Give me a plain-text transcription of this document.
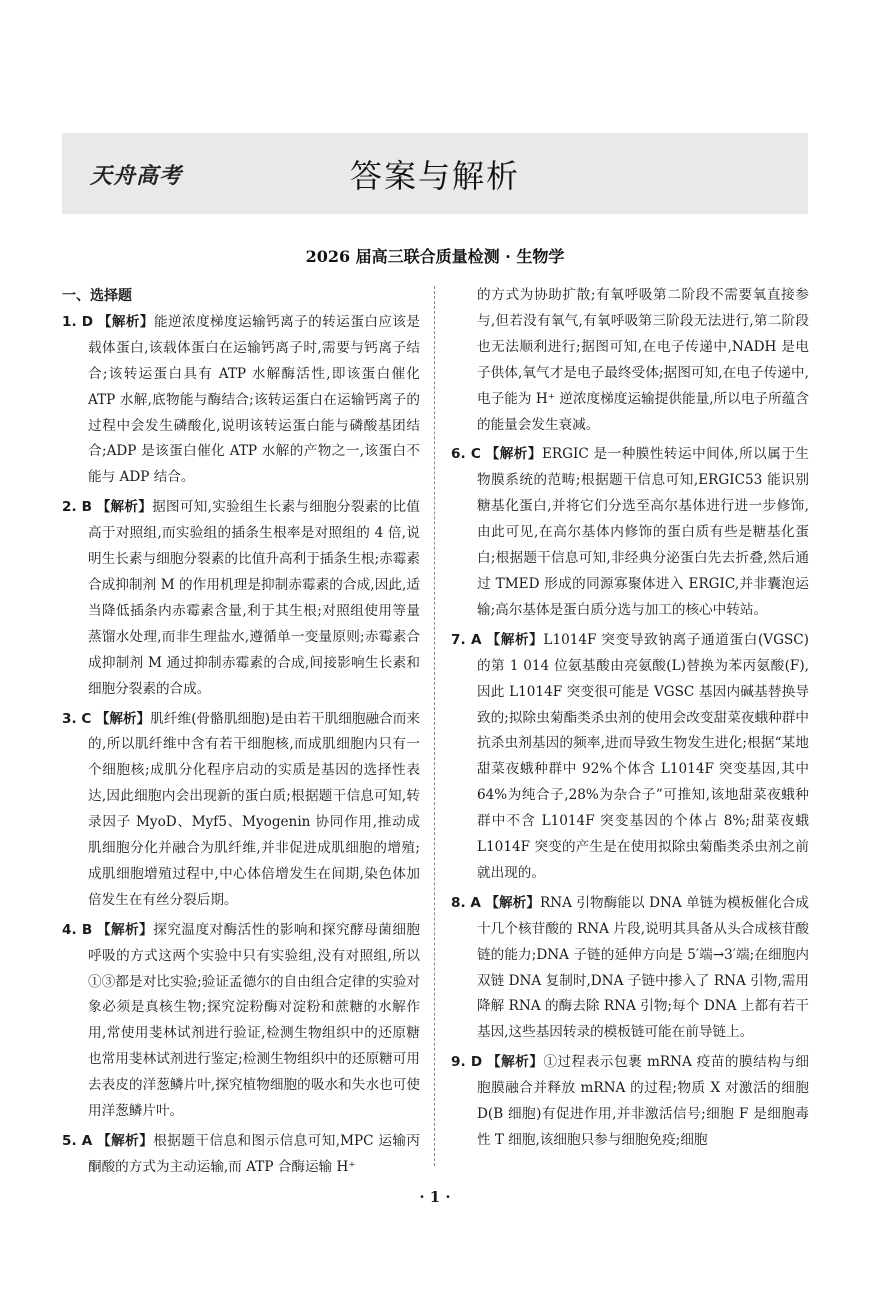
天舟高考	答案与解析
2026 届高三联合质量检测 · 生物学
一、选择题

1. D 【解析】能逆浓度梯度运输钙离子的转运蛋白应该是载体蛋白,该载体蛋白在运输钙离子时,需要与钙离子结合;该转运蛋白具有 ATP 水解酶活性,即该蛋白催化 ATP 水解,底物能与酶结合;该转运蛋白在运输钙离子的过程中会发生磷酸化,说明该转运蛋白能与磷酸基团结合;ADP 是该蛋白催化 ATP 水解的产物之一,该蛋白不能与 ADP 结合。

2. B 【解析】据图可知,实验组生长素与细胞分裂素的比值高于对照组,而实验组的插条生根率是对照组的 4 倍,说明生长素与细胞分裂素的比值升高利于插条生根;赤霉素合成抑制剂 M 的作用机理是抑制赤霉素的合成,因此,适当降低插条内赤霉素含量,利于其生根;对照组使用等量蒸馏水处理,而非生理盐水,遵循单一变量原则;赤霉素合成抑制剂 M 通过抑制赤霉素的合成,间接影响生长素和细胞分裂素的合成。

3. C 【解析】肌纤维(骨骼肌细胞)是由若干肌细胞融合而来的,所以肌纤维中含有若干细胞核,而成肌细胞内只有一个细胞核;成肌分化程序启动的实质是基因的选择性表达,因此细胞内会出现新的蛋白质;根据题干信息可知,转录因子 MyoD、Myf5、Myogenin 协同作用,推动成肌细胞分化并融合为肌纤维,并非促进成肌细胞的增殖;成肌细胞增殖过程中,中心体倍增发生在间期,染色体加倍发生在有丝分裂后期。

4. B 【解析】探究温度对酶活性的影响和探究酵母菌细胞呼吸的方式这两个实验中只有实验组,没有对照组,所以①③都是对比实验;验证孟德尔的自由组合定律的实验对象必须是真核生物;探究淀粉酶对淀粉和蔗糖的水解作用,常使用斐林试剂进行验证,检测生物组织中的还原糖也常用斐林试剂进行鉴定;检测生物组织中的还原糖可用去表皮的洋葱鳞片叶,探究植物细胞的吸水和失水也可使用洋葱鳞片叶。

5. A 【解析】根据题干信息和图示信息可知,MPC 运输丙酮酸的方式为主动运输,而 ATP 合酶运输 H⁺

的方式为协助扩散;有氧呼吸第二阶段不需要氧直接参与,但若没有氧气,有氧呼吸第三阶段无法进行,第二阶段也无法顺利进行;据图可知,在电子传递中,NADH 是电子供体,氧气才是电子最终受体;据图可知,在电子传递中,电子能为 H⁺ 逆浓度梯度运输提供能量,所以电子所蕴含的能量会发生衰减。

6. C 【解析】ERGIC 是一种膜性转运中间体,所以属于生物膜系统的范畴;根据题干信息可知,ERGIC53 能识别糖基化蛋白,并将它们分选至高尔基体进行进一步修饰,由此可见,在高尔基体内修饰的蛋白质有些是糖基化蛋白;根据题干信息可知,非经典分泌蛋白先去折叠,然后通过 TMED 形成的同源寡聚体进入 ERGIC,并非囊泡运输;高尔基体是蛋白质分选与加工的核心中转站。

7. A 【解析】L1014F 突变导致钠离子通道蛋白(VGSC)的第 1 014 位氨基酸由亮氨酸(L)替换为苯丙氨酸(F),因此 L1014F 突变很可能是 VGSC 基因内碱基替换导致的;拟除虫菊酯类杀虫剂的使用会改变甜菜夜蛾种群中抗杀虫剂基因的频率,进而导致生物发生进化;根据“某地甜菜夜蛾种群中 92%个体含 L1014F 突变基因,其中 64%为纯合子,28%为杂合子”可推知,该地甜菜夜蛾种群中不含 L1014F 突变基因的个体占 8%;甜菜夜蛾 L1014F 突变的产生是在使用拟除虫菊酯类杀虫剂之前就出现的。

8. A 【解析】RNA 引物酶能以 DNA 单链为模板催化合成十几个核苷酸的 RNA 片段,说明其具备从头合成核苷酸链的能力;DNA 子链的延伸方向是 5′端→3′端;在细胞内双链 DNA 复制时,DNA 子链中掺入了 RNA 引物,需用降解 RNA 的酶去除 RNA 引物;每个 DNA 上都有若干基因,这些基因转录的模板链可能在前导链上。

9. D 【解析】①过程表示包裹 mRNA 疫苗的膜结构与细胞膜融合并释放 mRNA 的过程;物质 X 对激活的细胞 D(B 细胞)有促进作用,并非激活信号;细胞 F 是细胞毒性 T 细胞,该细胞只参与细胞免疫;细胞

· 1 ·
